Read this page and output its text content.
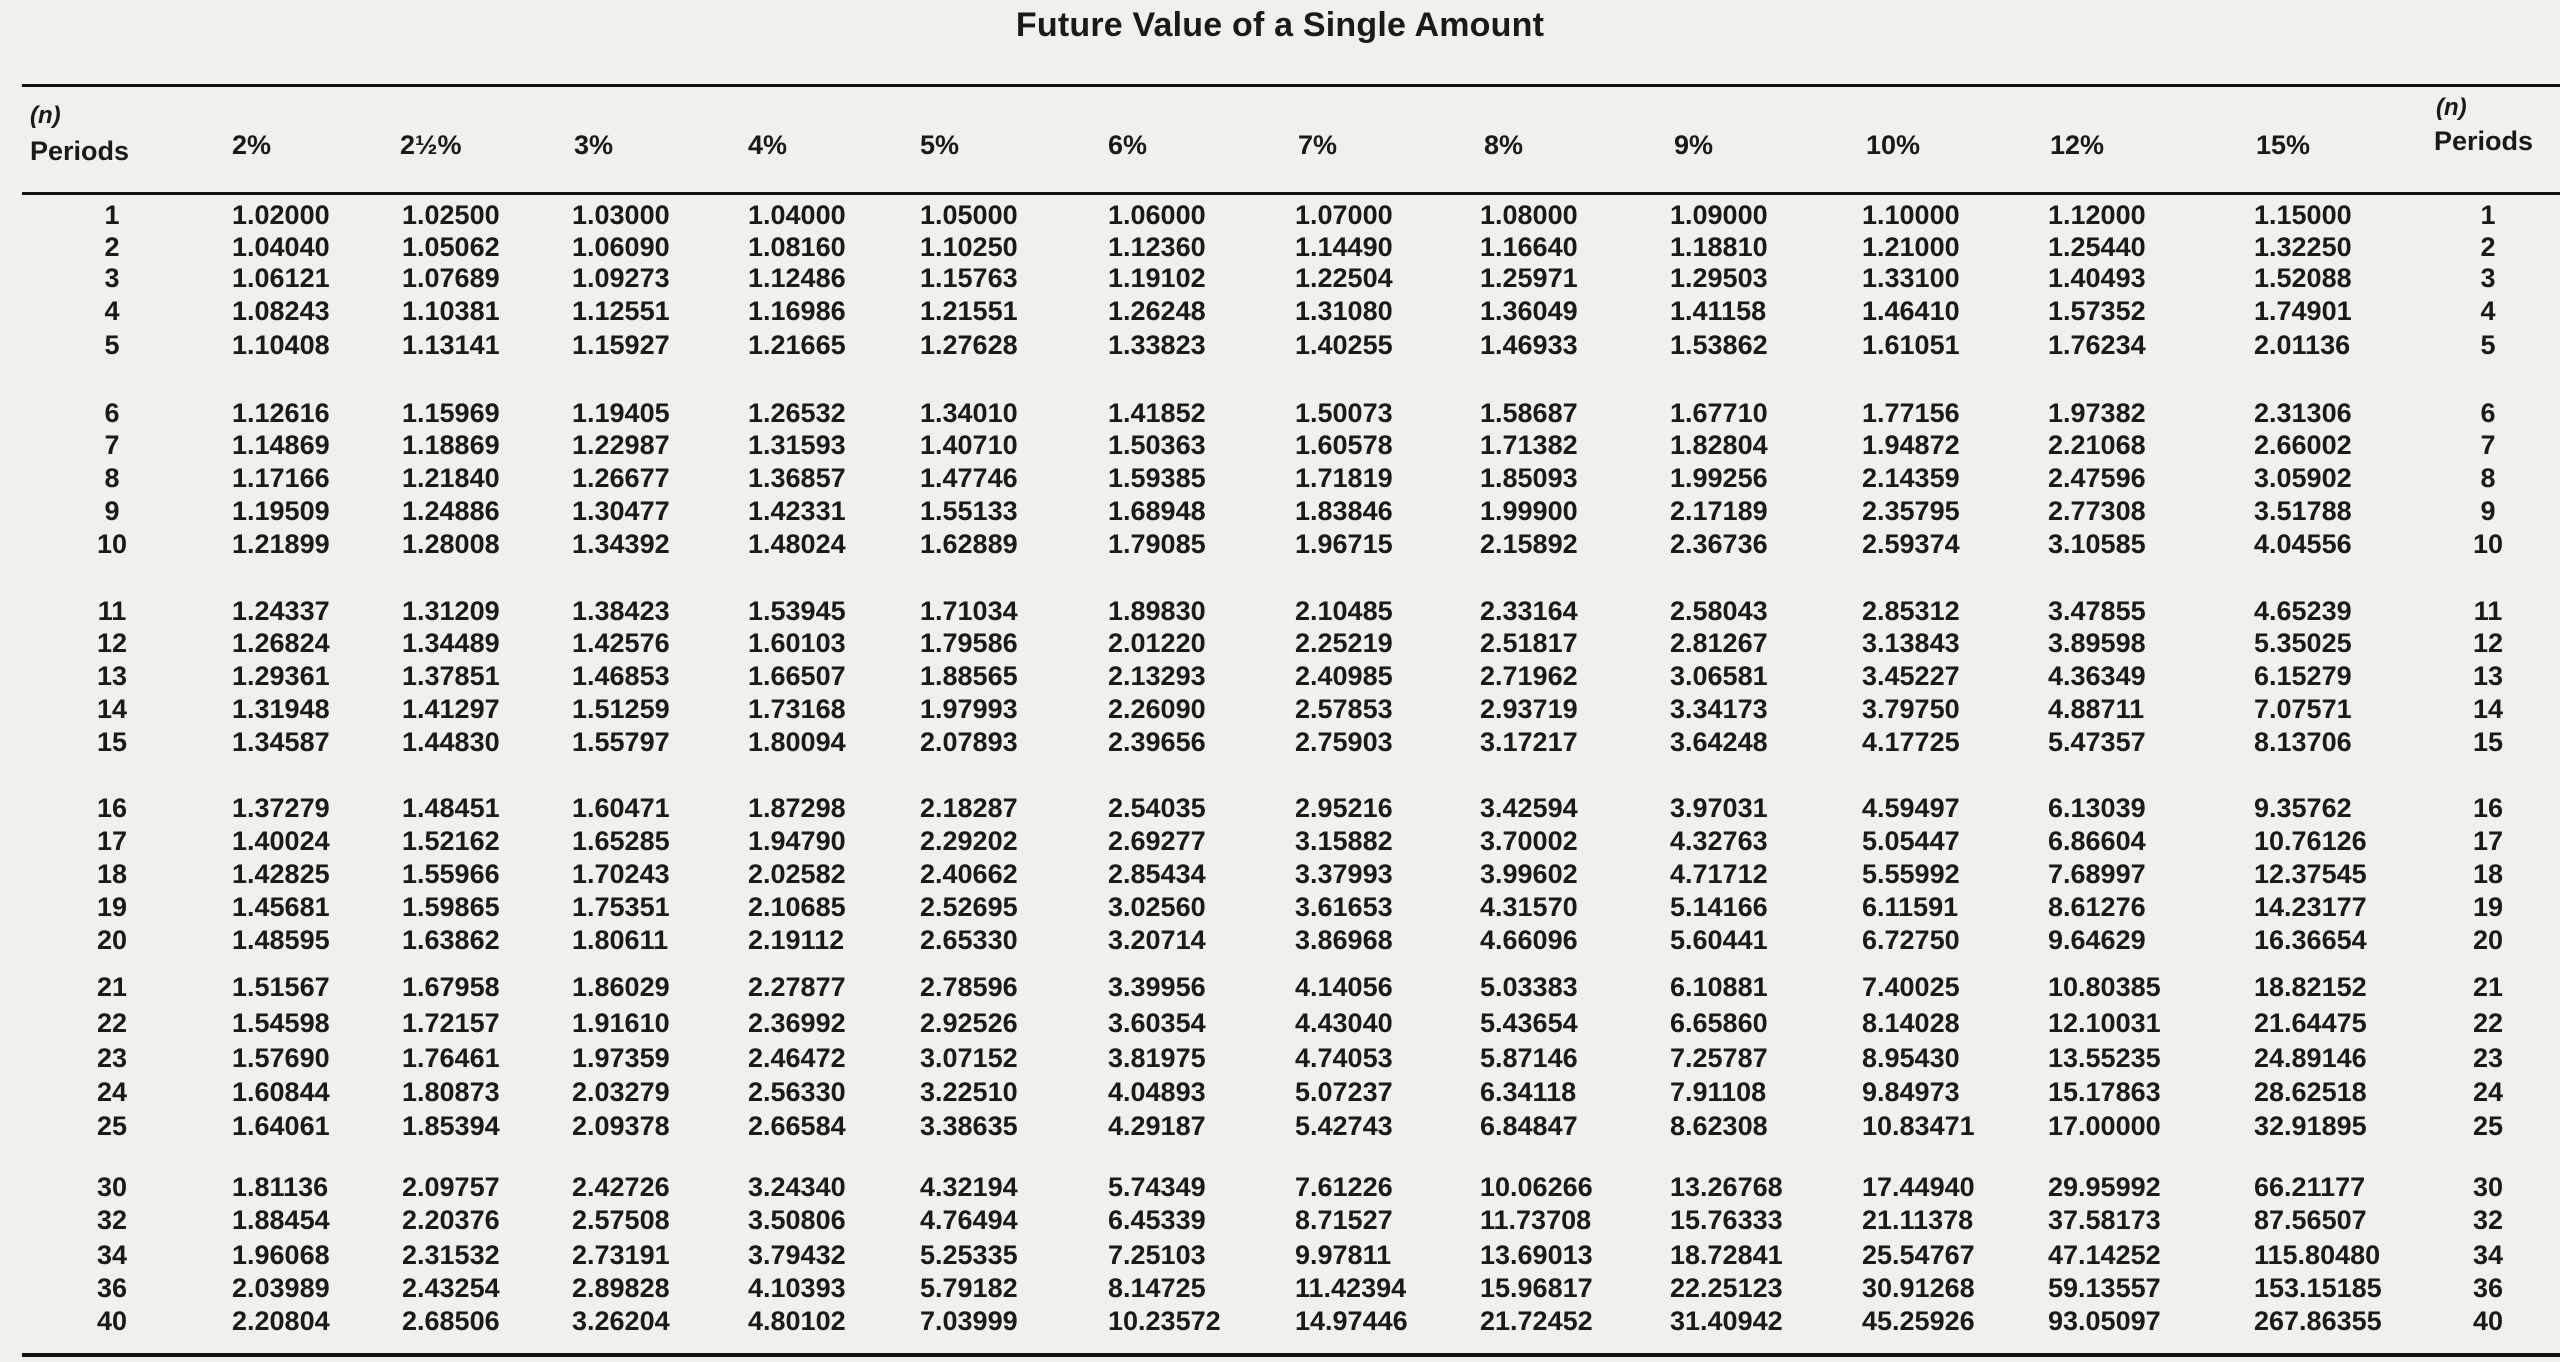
Future Value of a Single Amount
(n)
Periods
(n)
Periods
2%	2½%	3%	4%	5%	6%	7%	8%	9%	10%	12%	15%
1	1.02000	1.02500	1.03000	1.04000	1.05000	1.06000	1.07000	1.08000	1.09000	1.10000	1.12000	1.15000	1
2	1.04040	1.05062	1.06090	1.08160	1.10250	1.12360	1.14490	1.16640	1.18810	1.21000	1.25440	1.32250	2
3	1.06121	1.07689	1.09273	1.12486	1.15763	1.19102	1.22504	1.25971	1.29503	1.33100	1.40493	1.52088	3
4	1.08243	1.10381	1.12551	1.16986	1.21551	1.26248	1.31080	1.36049	1.41158	1.46410	1.57352	1.74901	4
5	1.10408	1.13141	1.15927	1.21665	1.27628	1.33823	1.40255	1.46933	1.53862	1.61051	1.76234	2.01136	5
6	1.12616	1.15969	1.19405	1.26532	1.34010	1.41852	1.50073	1.58687	1.67710	1.77156	1.97382	2.31306	6
7	1.14869	1.18869	1.22987	1.31593	1.40710	1.50363	1.60578	1.71382	1.82804	1.94872	2.21068	2.66002	7
8	1.17166	1.21840	1.26677	1.36857	1.47746	1.59385	1.71819	1.85093	1.99256	2.14359	2.47596	3.05902	8
9	1.19509	1.24886	1.30477	1.42331	1.55133	1.68948	1.83846	1.99900	2.17189	2.35795	2.77308	3.51788	9
10	1.21899	1.28008	1.34392	1.48024	1.62889	1.79085	1.96715	2.15892	2.36736	2.59374	3.10585	4.04556	10
11	1.24337	1.31209	1.38423	1.53945	1.71034	1.89830	2.10485	2.33164	2.58043	2.85312	3.47855	4.65239	11
12	1.26824	1.34489	1.42576	1.60103	1.79586	2.01220	2.25219	2.51817	2.81267	3.13843	3.89598	5.35025	12
13	1.29361	1.37851	1.46853	1.66507	1.88565	2.13293	2.40985	2.71962	3.06581	3.45227	4.36349	6.15279	13
14	1.31948	1.41297	1.51259	1.73168	1.97993	2.26090	2.57853	2.93719	3.34173	3.79750	4.88711	7.07571	14
15	1.34587	1.44830	1.55797	1.80094	2.07893	2.39656	2.75903	3.17217	3.64248	4.17725	5.47357	8.13706	15
16	1.37279	1.48451	1.60471	1.87298	2.18287	2.54035	2.95216	3.42594	3.97031	4.59497	6.13039	9.35762	16
17	1.40024	1.52162	1.65285	1.94790	2.29202	2.69277	3.15882	3.70002	4.32763	5.05447	6.86604	10.76126	17
18	1.42825	1.55966	1.70243	2.02582	2.40662	2.85434	3.37993	3.99602	4.71712	5.55992	7.68997	12.37545	18
19	1.45681	1.59865	1.75351	2.10685	2.52695	3.02560	3.61653	4.31570	5.14166	6.11591	8.61276	14.23177	19
20	1.48595	1.63862	1.80611	2.19112	2.65330	3.20714	3.86968	4.66096	5.60441	6.72750	9.64629	16.36654	20
21	1.51567	1.67958	1.86029	2.27877	2.78596	3.39956	4.14056	5.03383	6.10881	7.40025	10.80385	18.82152	21
22	1.54598	1.72157	1.91610	2.36992	2.92526	3.60354	4.43040	5.43654	6.65860	8.14028	12.10031	21.64475	22
23	1.57690	1.76461	1.97359	2.46472	3.07152	3.81975	4.74053	5.87146	7.25787	8.95430	13.55235	24.89146	23
24	1.60844	1.80873	2.03279	2.56330	3.22510	4.04893	5.07237	6.34118	7.91108	9.84973	15.17863	28.62518	24
25	1.64061	1.85394	2.09378	2.66584	3.38635	4.29187	5.42743	6.84847	8.62308	10.83471	17.00000	32.91895	25
30	1.81136	2.09757	2.42726	3.24340	4.32194	5.74349	7.61226	10.06266	13.26768	17.44940	29.95992	66.21177	30
32	1.88454	2.20376	2.57508	3.50806	4.76494	6.45339	8.71527	11.73708	15.76333	21.11378	37.58173	87.56507	32
34	1.96068	2.31532	2.73191	3.79432	5.25335	7.25103	9.97811	13.69013	18.72841	25.54767	47.14252	115.80480	34
36	2.03989	2.43254	2.89828	4.10393	5.79182	8.14725	11.42394	15.96817	22.25123	30.91268	59.13557	153.15185	36
40	2.20804	2.68506	3.26204	4.80102	7.03999	10.23572	14.97446	21.72452	31.40942	45.25926	93.05097	267.86355	40
